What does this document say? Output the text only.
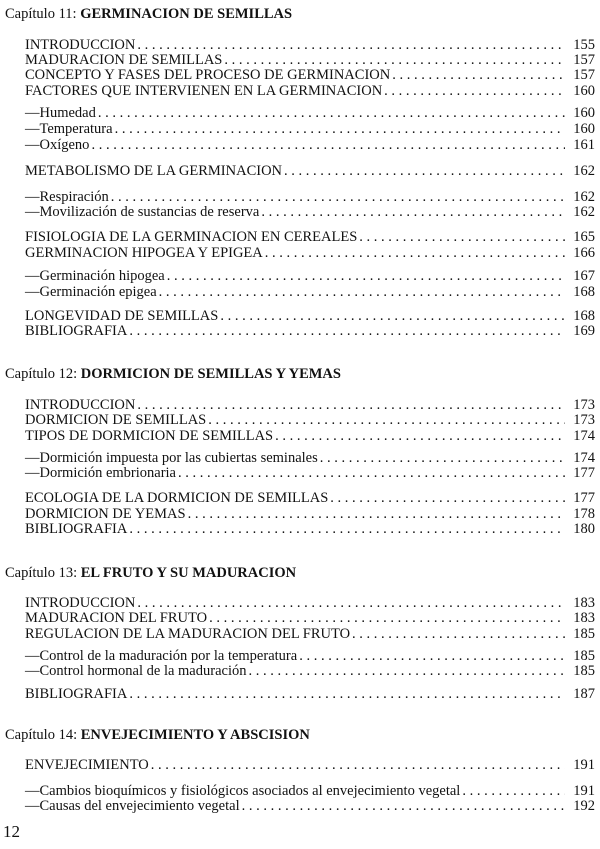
Capítulo 11: GERMINACION DE SEMILLAS
INTRODUCCION . . .	155
MADURACION DE SEMILLAS . . .	157
CONCEPTO Y FASES DEL PROCESO DE GERMINACION . . .	157
FACTORES QUE INTERVIENEN EN LA GERMINACION . . .	160
—Humedad . . .	160
—Temperatura . . .	160
—Oxígeno . . .	161
METABOLISMO DE LA GERMINACION . . .	162
—Respiración . . .	162
—Movilización de sustancias de reserva . . .	162
FISIOLOGIA DE LA GERMINACION EN CEREALES . . .	165
GERMINACION HIPOGEA Y EPIGEA . . .	166
—Germinación hipogea . . .	167
—Germinación epigea . . .	168
LONGEVIDAD DE SEMILLAS . . .	168
BIBLIOGRAFIA . . .	169
Capítulo 12: DORMICION DE SEMILLAS Y YEMAS
INTRODUCCION . . .	173
DORMICION DE SEMILLAS . . .	173
TIPOS DE DORMICION DE SEMILLAS . . .	174
—Dormición impuesta por las cubiertas seminales . . .	174
—Dormición embrionaria . . .	177
ECOLOGIA DE LA DORMICION DE SEMILLAS . . .	177
DORMICION DE YEMAS . . .	178
BIBLIOGRAFIA . . .	180
Capítulo 13: EL FRUTO Y SU MADURACION
INTRODUCCION . . .	183
MADURACION DEL FRUTO . . .	183
REGULACION DE LA MADURACION DEL FRUTO . . .	185
—Control de la maduración por la temperatura . . .	185
—Control hormonal de la maduración . . .	185
BIBLIOGRAFIA . . .	187
Capítulo 14: ENVEJECIMIENTO Y ABSCISION
ENVEJECIMIENTO . . .	191
—Cambios bioquímicos y fisiológicos asociados al envejecimiento vegetal . . .	191
—Causas del envejecimiento vegetal . . .	192
12
